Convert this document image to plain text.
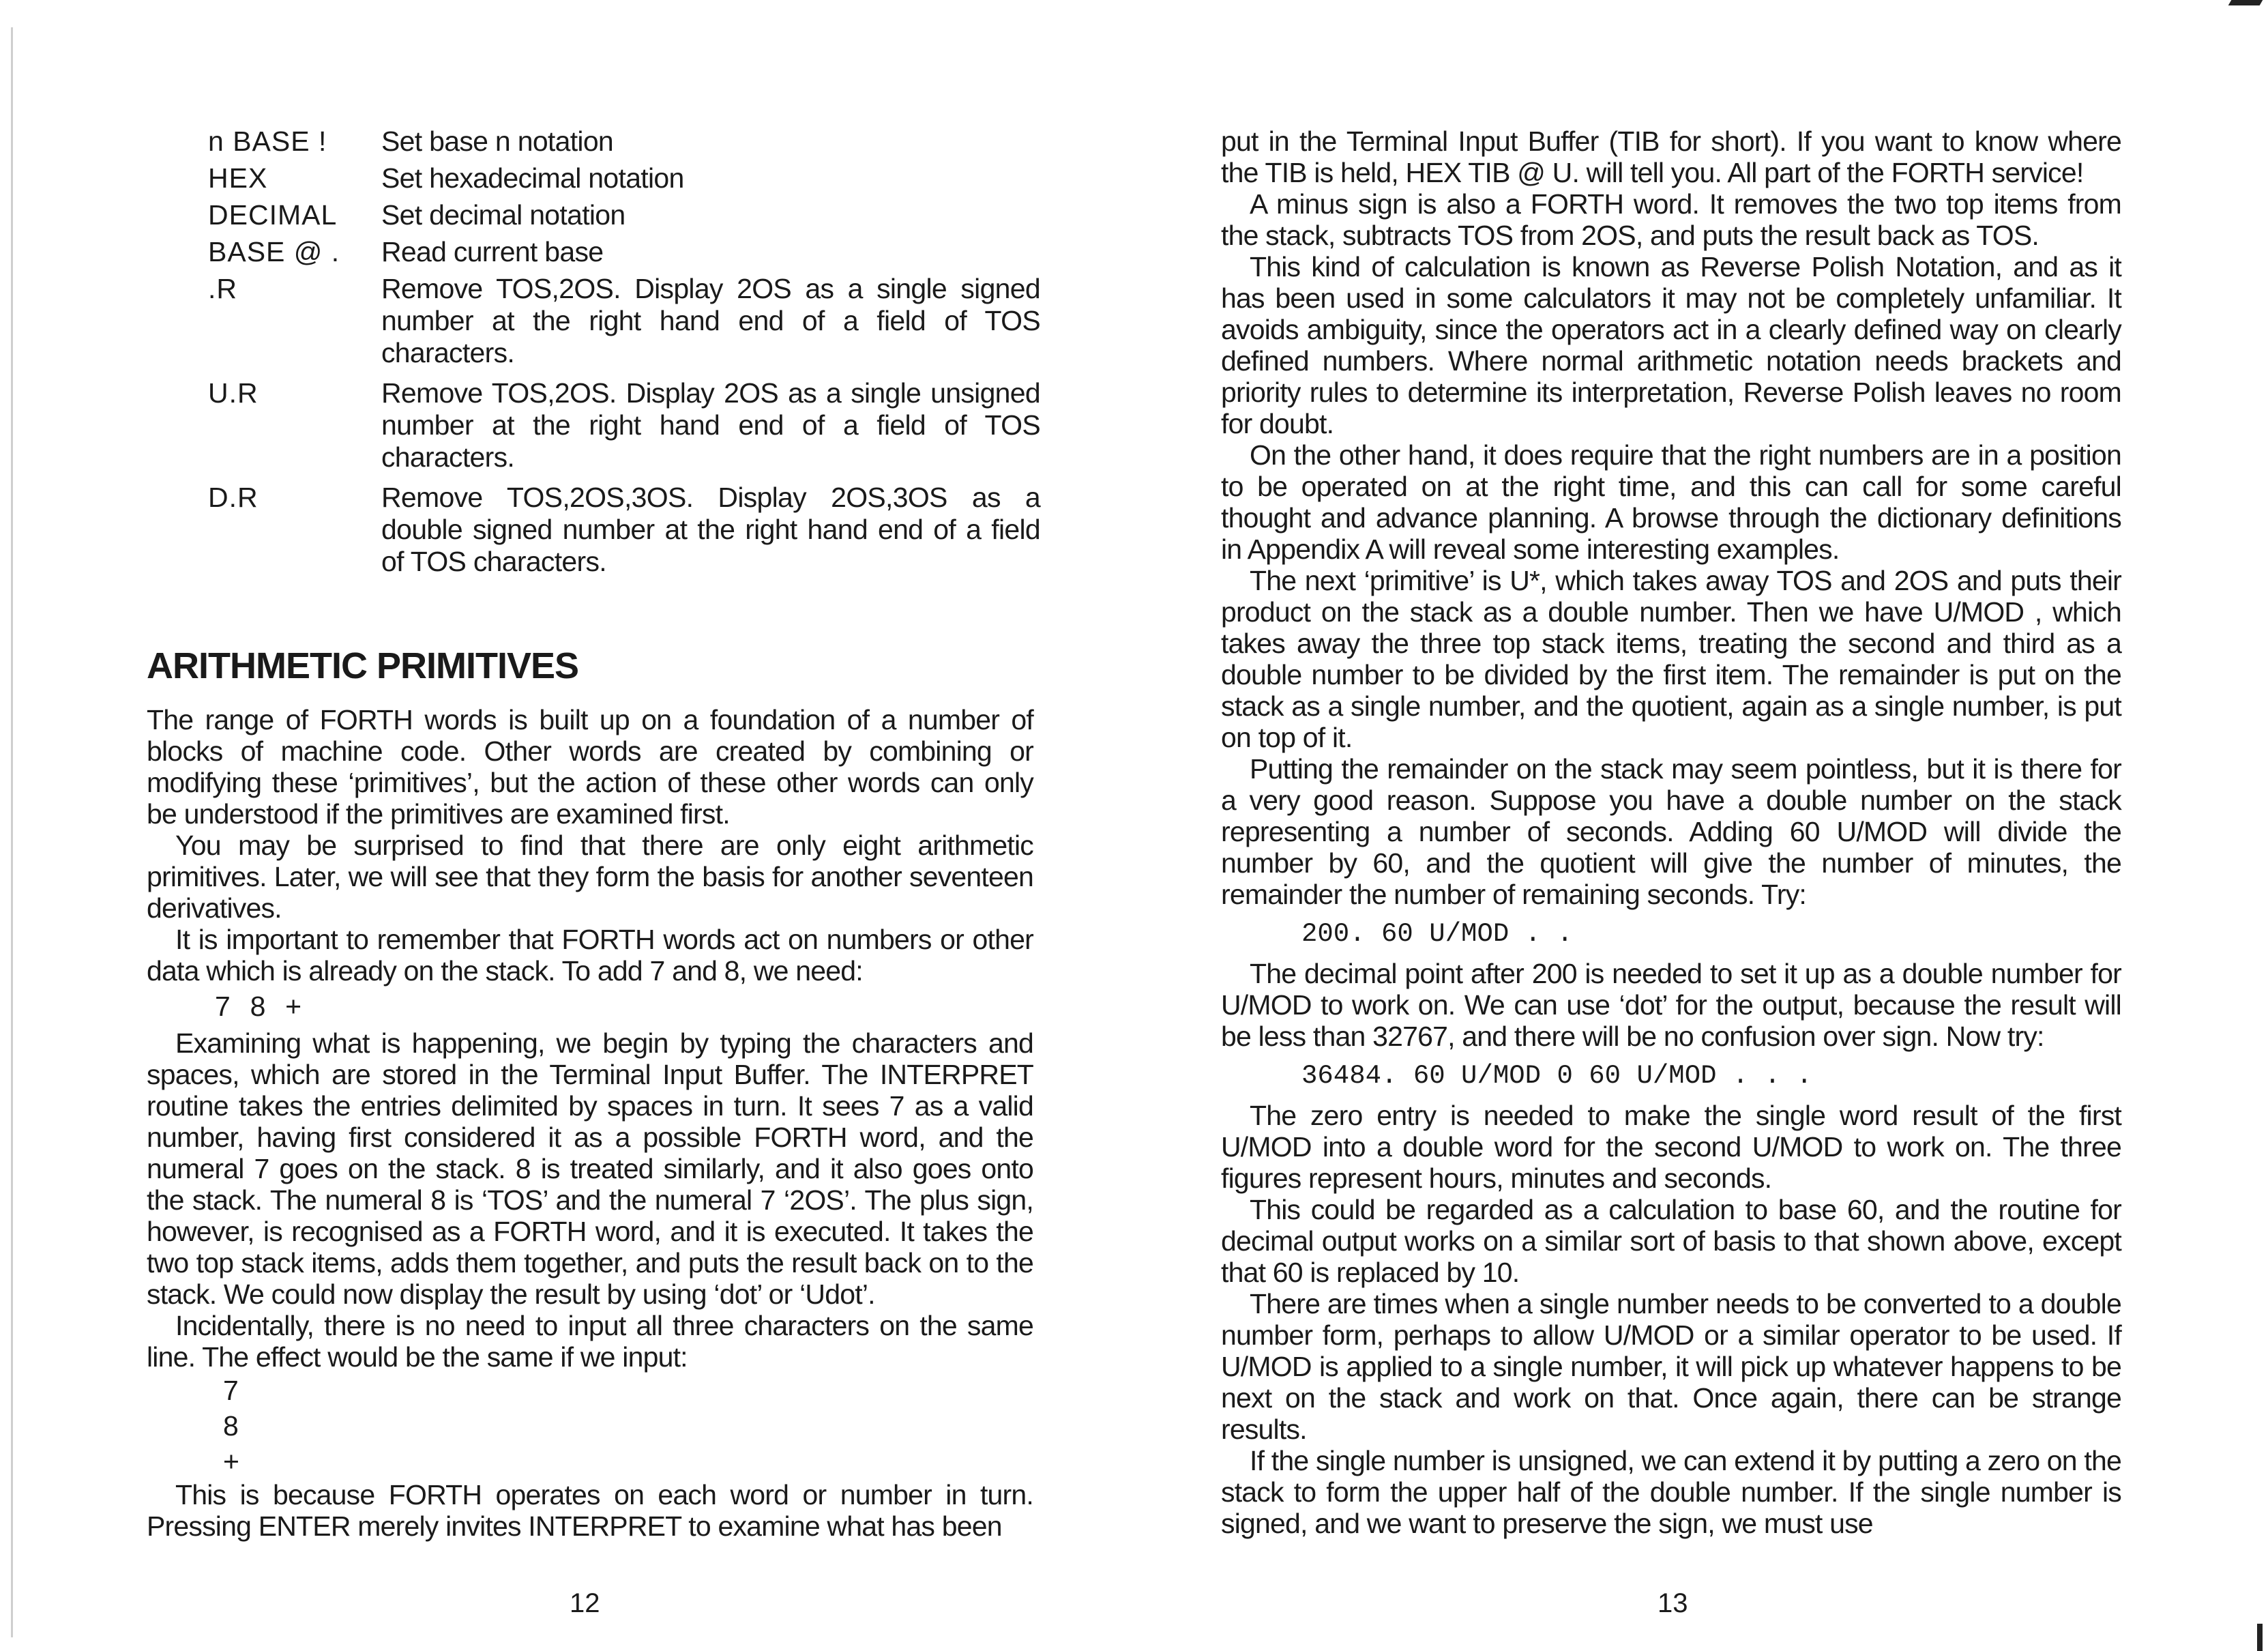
n BASE !	Set base n notation
HEX	Set hexadecimal notation
DECIMAL	Set decimal notation
BASE @ .	Read current base
.R	Remove TOS,2OS. Display 2OS as a single signed number at the right hand end of a field of TOS characters.
U.R	Remove TOS,2OS. Display 2OS as a single unsigned number at the right hand end of a field of TOS characters.
D.R	Remove TOS,2OS,3OS. Display 2OS,3OS as a double signed number at the right hand end of a field of TOS characters.
ARITHMETIC PRIMITIVES

The range of FORTH words is built up on a foundation of a number of blocks of machine code. Other words are created by combining or modifying these ‘primitives’, but the action of these other words can only be understood if the primitives are examined first.

You may be surprised to find that there are only eight arithmetic primitives. Later, we will see that they form the basis for another seventeen derivatives.

It is important to remember that FORTH words act on numbers or other data which is already on the stack. To add 7 and 8, we need:

7  8  +

Examining what is happening, we begin by typing the characters and spaces, which are stored in the Terminal Input Buffer. The INTERPRET routine takes the entries delimited by spaces in turn. It sees 7 as a valid number, having first considered it as a possible FORTH word, and the numeral 7 goes on the stack. 8 is treated similarly, and it also goes onto the stack. The numeral 8 is ‘TOS’ and the numeral 7 ‘2OS’. The plus sign, however, is recognised as a FORTH word, and it is executed. It takes the two top stack items, adds them together, and puts the result back on to the stack. We could now display the result by using ‘dot’ or ‘Udot’.

Incidentally, there is no need to input all three characters on the same line. The effect would be the same if we input:

7
8
+

This is because FORTH operates on each word or number in turn. Pressing ENTER merely invites INTERPRET to examine what has been

12

put in the Terminal Input Buffer (TIB for short). If you want to know where the TIB is held, HEX TIB @ U. will tell you. All part of the FORTH service!

A minus sign is also a FORTH word. It removes the two top items from the stack, subtracts TOS from 2OS, and puts the result back as TOS.

This kind of calculation is known as Reverse Polish Notation, and as it has been used in some calculators it may not be completely unfamiliar. It avoids ambiguity, since the operators act in a clearly defined way on clearly defined numbers. Where normal arithmetic notation needs brackets and priority rules to determine its interpretation, Reverse Polish leaves no room for doubt.

On the other hand, it does require that the right numbers are in a position to be operated on at the right time, and this can call for some careful thought and advance planning. A browse through the dictionary definitions in Appendix A will reveal some interesting examples.

The next ‘primitive’ is U*, which takes away TOS and 2OS and puts their product on the stack as a double number. Then we have U/MOD , which takes away the three top stack items, treating the second and third as a double number to be divided by the first item. The remainder is put on the stack as a single number, and the quotient, again as a single number, is put on top of it.

Putting the remainder on the stack may seem pointless, but it is there for a very good reason. Suppose you have a double number on the stack representing a number of seconds. Adding 60 U/MOD will divide the number by 60, and the quotient will give the number of minutes, the remainder the number of remaining seconds. Try:

200. 60 U/MOD . .

The decimal point after 200 is needed to set it up as a double number for U/MOD to work on. We can use ‘dot’ for the output, because the result will be less than 32767, and there will be no confusion over sign. Now try:

36484. 60 U/MOD 0 60 U/MOD . . .

The zero entry is needed to make the single word result of the first U/MOD into a double word for the second U/MOD to work on. The three figures represent hours, minutes and seconds.

This could be regarded as a calculation to base 60, and the routine for decimal output works on a similar sort of basis to that shown above, except that 60 is replaced by 10.

There are times when a single number needs to be converted to a double number form, perhaps to allow U/MOD or a similar operator to be used. If U/MOD is applied to a single number, it will pick up whatever happens to be next on the stack and work on that. Once again, there can be strange results.

If the single number is unsigned, we can extend it by putting a zero on the stack to form the upper half of the double number. If the single number is signed, and we want to preserve the sign, we must use

13
